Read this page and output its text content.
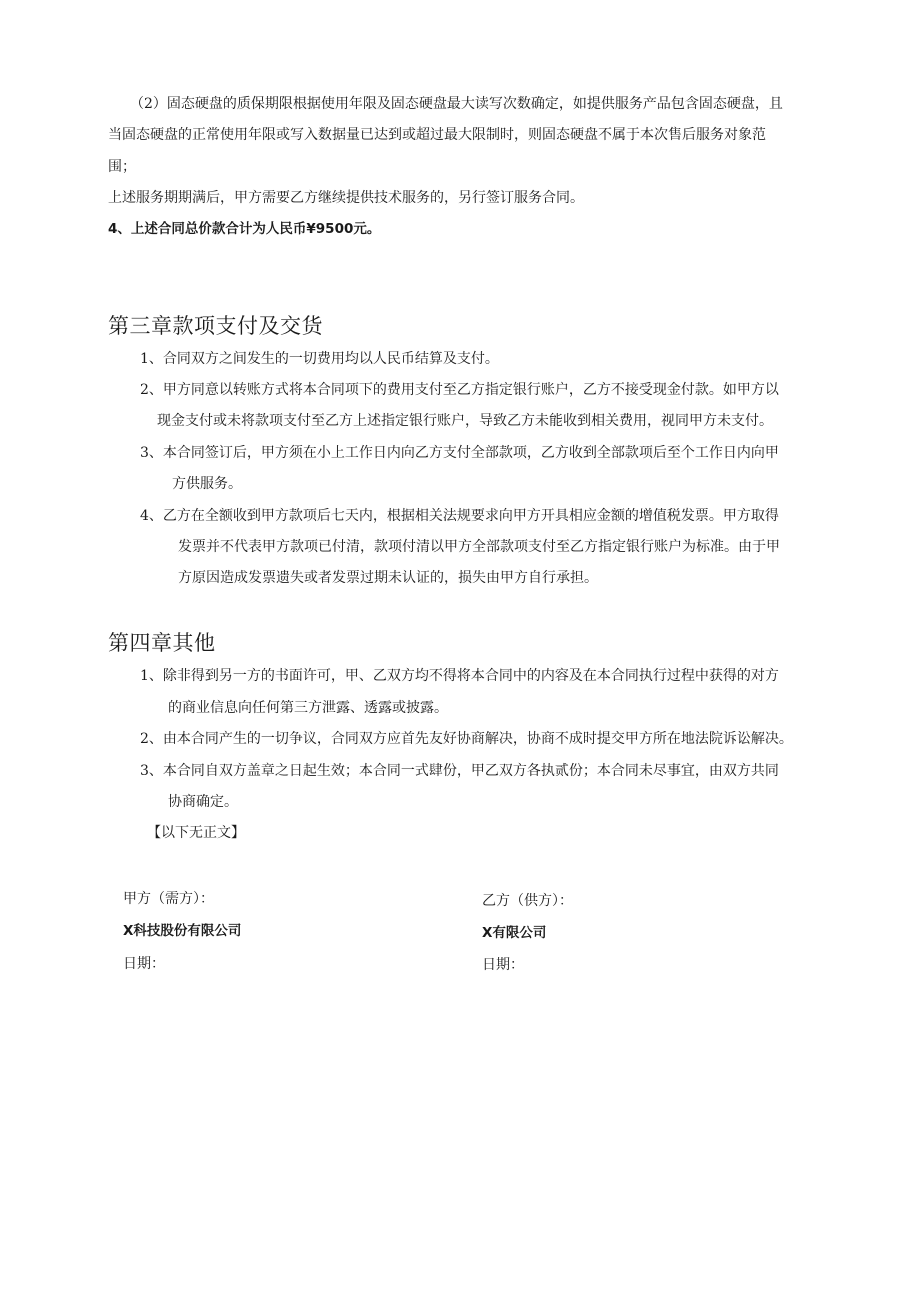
（2）固态硬盘的质保期限根据使用年限及固态硬盘最大读写次数确定，如提供服务产品包含固态硬盘，且
当固态硬盘的正常使用年限或写入数据量已达到或超过最大限制时，则固态硬盘不属于本次售后服务对象范
围；
上述服务期期满后，甲方需要乙方继续提供技术服务的，另行签订服务合同。
4、上述合同总价款合计为人民币¥9500元。
第三章款项支付及交货
1、合同双方之间发生的一切费用均以人民币结算及支付。
2、甲方同意以转账方式将本合同项下的费用支付至乙方指定银行账户，乙方不接受现金付款。如甲方以
现金支付或未将款项支付至乙方上述指定银行账户，导致乙方未能收到相关费用，视同甲方未支付。
3、本合同签订后，甲方须在小上工作日内向乙方支付全部款项，乙方收到全部款项后至个工作日内向甲
方供服务。
4、乙方在全额收到甲方款项后七天内，根据相关法规要求向甲方开具相应金额的增值税发票。甲方取得
发票并不代表甲方款项已付清，款项付清以甲方全部款项支付至乙方指定银行账户为标准。由于甲
方原因造成发票遗失或者发票过期未认证的，损失由甲方自行承担。
第四章其他
1、除非得到另一方的书面许可，甲、乙双方均不得将本合同中的内容及在本合同执行过程中获得的对方
的商业信息向任何第三方泄露、透露或披露。
2、由本合同产生的一切争议，合同双方应首先友好协商解决，协商不成时提交甲方所在地法院诉讼解决。
3、本合同自双方盖章之日起生效；本合同一式肆份，甲乙双方各执贰份；本合同未尽事宜，由双方共同
协商确定。
【以下无正文】
甲方（需方）：
X科技股份有限公司
日期：
乙方（供方）：
X有限公司
日期：
